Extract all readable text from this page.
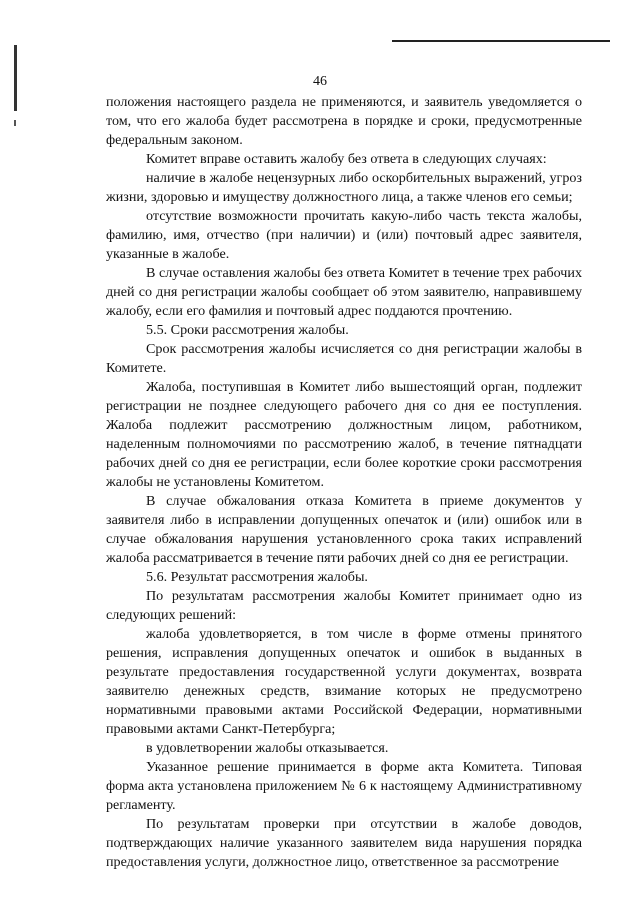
46

положения настоящего раздела не применяются, и заявитель уведомляется о том, что его жалоба будет рассмотрена в порядке и сроки, предусмотренные федеральным законом.

Комитет вправе оставить жалобу без ответа в следующих случаях:

наличие в жалобе нецензурных либо оскорбительных выражений, угроз жизни, здоровью и имуществу должностного лица, а также членов его семьи;

отсутствие возможности прочитать какую-либо часть текста жалобы, фамилию, имя, отчество (при наличии) и (или) почтовый адрес заявителя, указанные в жалобе.

В случае оставления жалобы без ответа Комитет в течение трех рабочих дней со дня регистрации жалобы сообщает об этом заявителю, направившему жалобу, если его фамилия и почтовый адрес поддаются прочтению.

5.5. Сроки рассмотрения жалобы.

Срок рассмотрения жалобы исчисляется со дня регистрации жалобы в Комитете.

Жалоба, поступившая в Комитет либо вышестоящий орган, подлежит регистрации не позднее следующего рабочего дня со дня ее поступления. Жалоба подлежит рассмотрению должностным лицом, работником, наделенным полномочиями по рассмотрению жалоб, в течение пятнадцати рабочих дней со дня ее регистрации, если более короткие сроки рассмотрения жалобы не установлены Комитетом.

В случае обжалования отказа Комитета в приеме документов у заявителя либо в исправлении допущенных опечаток и (или) ошибок или в случае обжалования нарушения установленного срока таких исправлений жалоба рассматривается в течение пяти рабочих дней со дня ее регистрации.

5.6. Результат рассмотрения жалобы.

По результатам рассмотрения жалобы Комитет принимает одно из следующих решений:

жалоба удовлетворяется, в том числе в форме отмены принятого решения, исправления допущенных опечаток и ошибок в выданных в результате предоставления государственной услуги документах, возврата заявителю денежных средств, взимание которых не предусмотрено нормативными правовыми актами Российской Федерации, нормативными правовыми актами Санкт-Петербурга;

в удовлетворении жалобы отказывается.

Указанное решение принимается в форме акта Комитета. Типовая форма акта установлена приложением № 6 к настоящему Административному регламенту.

По результатам проверки при отсутствии в жалобе доводов, подтверждающих наличие указанного заявителем вида нарушения порядка предоставления услуги, должностное лицо, ответственное за рассмотрение
